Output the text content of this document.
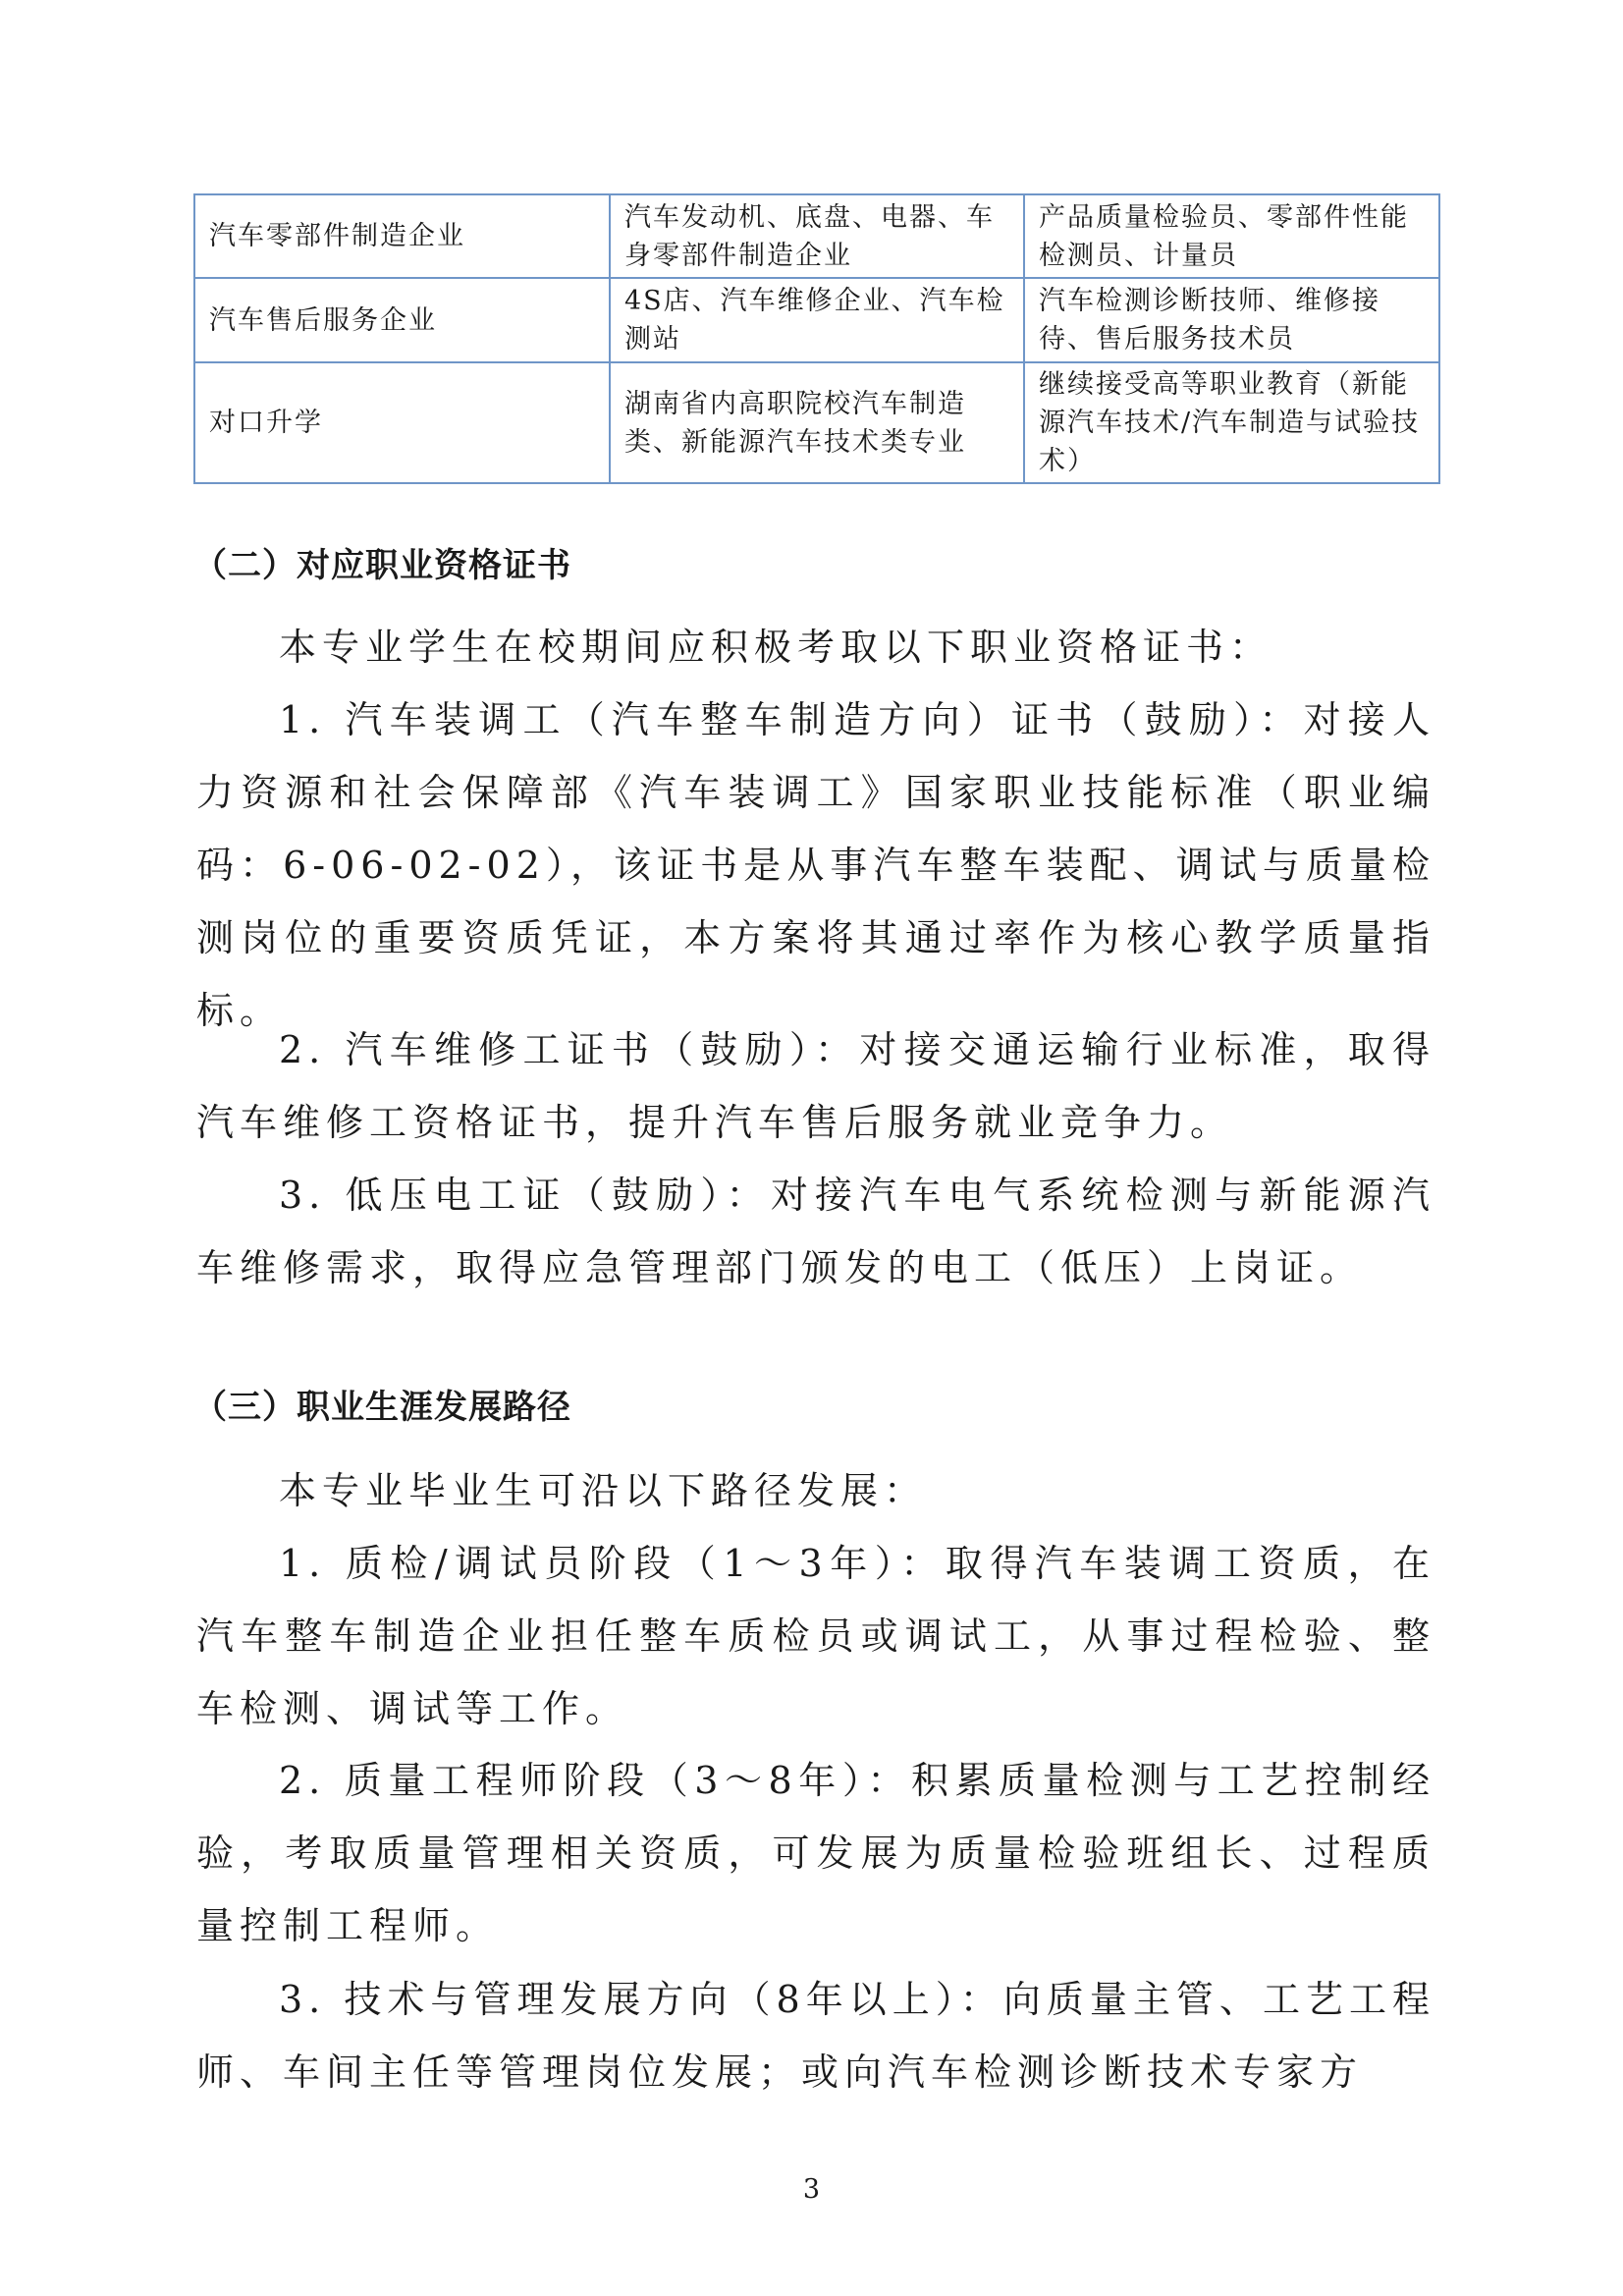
汽车零部件制造企业	汽车发动机、底盘、电器、车身零部件制造企业	产品质量检验员、零部件性能检测员、计量员
汽车售后服务企业	4S店、汽车维修企业、汽车检测站	汽车检测诊断技师、维修接待、售后服务技术员
对口升学	湖南省内高职院校汽车制造类、新能源汽车技术类专业	继续接受高等职业教育（新能源汽车技术/汽车制造与试验技术）
（二）对应职业资格证书

本专业学生在校期间应积极考取以下职业资格证书：

1. 汽车装调工（汽车整车制造方向）证书（鼓励）：对接人力资源和社会保障部《汽车装调工》国家职业技能标准（职业编码：6-06-02-02），该证书是从事汽车整车装配、调试与质量检测岗位的重要资质凭证，本方案将其通过率作为核心教学质量指标。

2. 汽车维修工证书（鼓励）：对接交通运输行业标准，取得汽车维修工资格证书，提升汽车售后服务就业竞争力。

3. 低压电工证（鼓励）：对接汽车电气系统检测与新能源汽车维修需求，取得应急管理部门颁发的电工（低压）上岗证。

（三）职业生涯发展路径

本专业毕业生可沿以下路径发展：

1. 质检/调试员阶段（1～3年）：取得汽车装调工资质，在汽车整车制造企业担任整车质检员或调试工，从事过程检验、整车检测、调试等工作。

2. 质量工程师阶段（3～8年）：积累质量检测与工艺控制经验，考取质量管理相关资质，可发展为质量检验班组长、过程质量控制工程师。

3. 技术与管理发展方向（8年以上）：向质量主管、工艺工程师、车间主任等管理岗位发展；或向汽车检测诊断技术专家方

3
